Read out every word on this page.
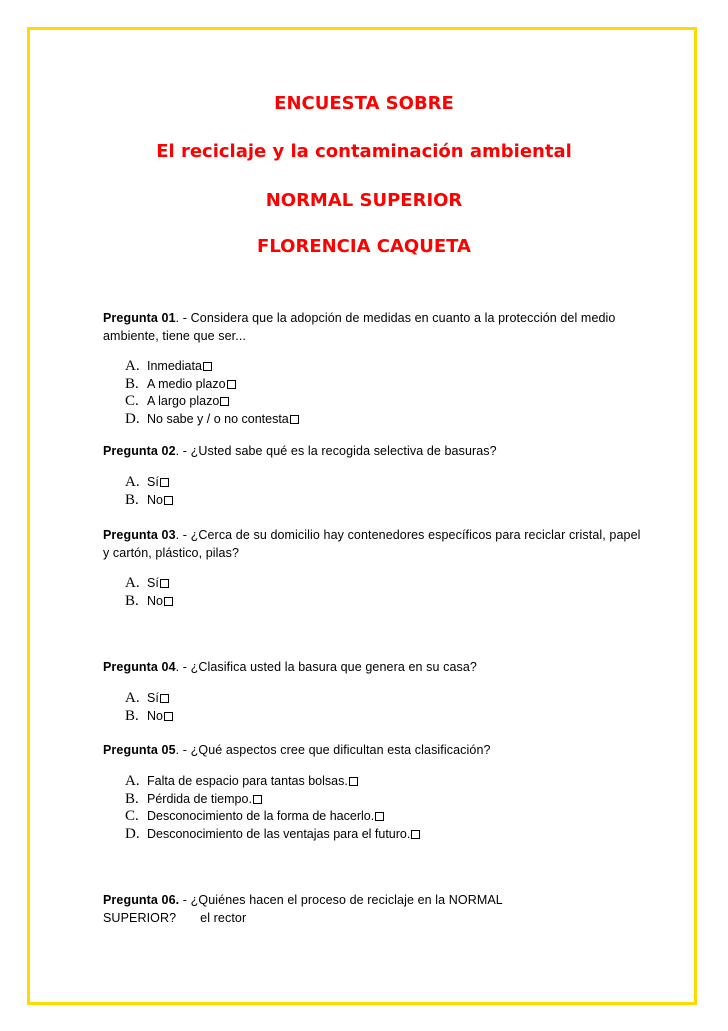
ENCUESTA SOBRE
El reciclaje y la contaminación ambiental
NORMAL SUPERIOR
FLORENCIA CAQUETA
Pregunta 01. - Considera que la adopción de medidas en cuanto a la protección del medio ambiente, tiene que ser...
A. Inmediata
B. A medio plazo
C. A largo plazo
D. No sabe y / o no contesta
Pregunta 02. - ¿Usted sabe qué es la recogida selectiva de basuras?
A. Sí
B. No
Pregunta 03. - ¿Cerca de su domicilio hay contenedores específicos para reciclar cristal, papel y cartón, plástico, pilas?
A. Sí
B. No
Pregunta 04. - ¿Clasifica usted la basura que genera en su casa?
A. Sí
B. No
Pregunta 05. - ¿Qué aspectos cree que dificultan esta clasificación?
A. Falta de espacio para tantas bolsas.
B. Pérdida de tiempo.
C. Desconocimiento de la forma de hacerlo.
D. Desconocimiento de las ventajas para el futuro.
Pregunta 06. - ¿Quiénes hacen el proceso de reciclaje en la NORMAL SUPERIOR? el rector
